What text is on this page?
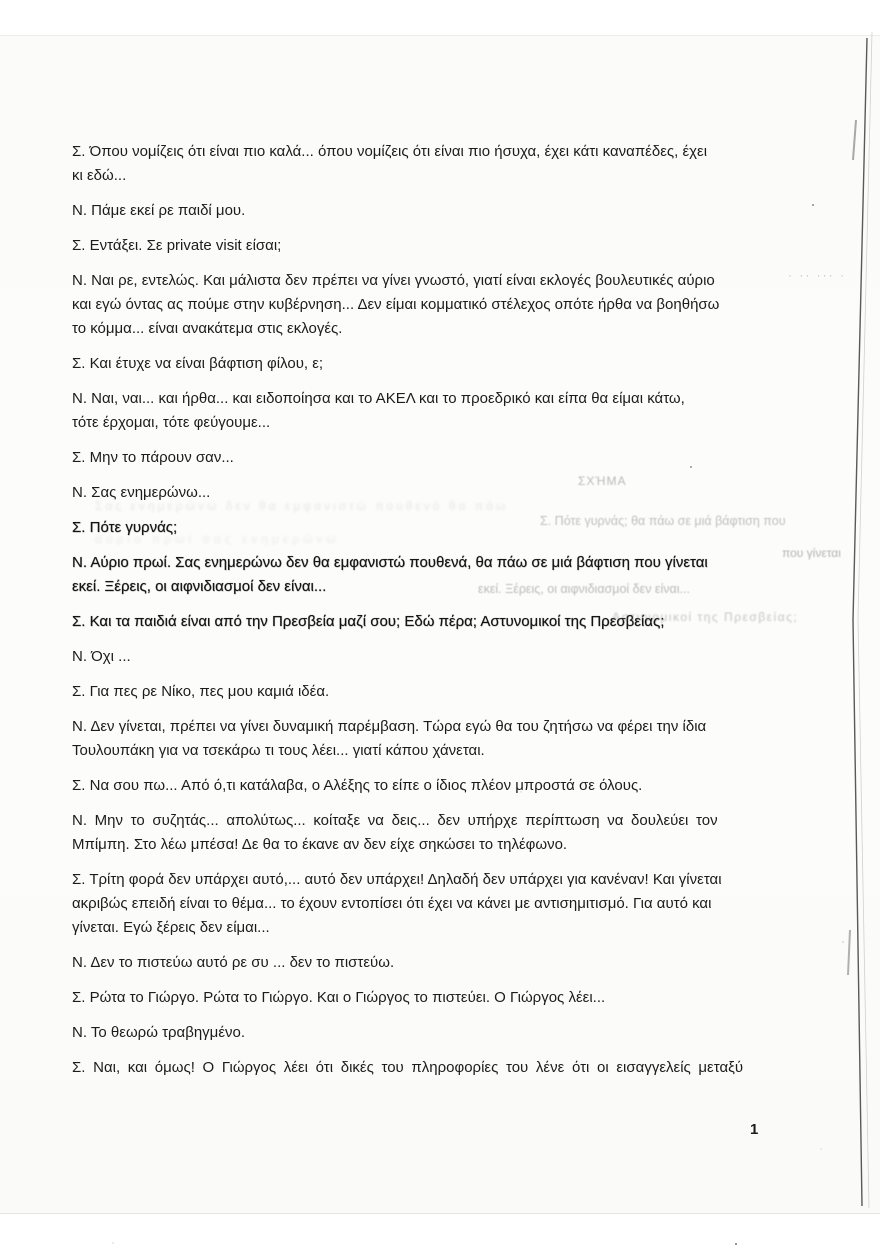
Σ. Όπου νομίζεις ότι είναι πιο καλά... όπου νομίζεις ότι είναι πιο ήσυχα, έχει κάτι καναπέδες, έχει
κι εδώ...
Ν. Πάμε εκεί ρε παιδί μου.
Σ. Εντάξει. Σε private visit είσαι;
Ν. Ναι ρε, εντελώς. Και μάλιστα δεν πρέπει να γίνει γνωστό, γιατί είναι εκλογές βουλευτικές αύριο
και εγώ όντας ας πούμε στην κυβέρνηση... Δεν είμαι κομματικό στέλεχος οπότε ήρθα να βοηθήσω
το κόμμα... είναι ανακάτεμα στις εκλογές.
Σ. Και έτυχε να είναι βάφτιση φίλου, ε;
Ν. Ναι, ναι... και ήρθα... και ειδοποίησα και το ΑΚΕΛ και το προεδρικό και είπα θα είμαι κάτω,
τότε έρχομαι, τότε φεύγουμε...
Σ. Μην το πάρουν σαν...
Ν. Σας ενημερώνω...
Σ. Πότε γυρνάς;
Ν. Αύριο πρωί. Σας ενημερώνω δεν θα εμφανιστώ πουθενά, θα πάω σε μιά βάφτιση που γίνεται
εκεί. Ξέρεις, οι αιφνιδιασμοί δεν είναι...
Σ. Και τα παιδιά είναι από την Πρεσβεία μαζί σου; Εδώ πέρα; Αστυνομικοί της Πρεσβείας;
Ν. Όχι ...
Σ. Για πες ρε Νίκο, πες μου καμιά ιδέα.
Ν. Δεν γίνεται, πρέπει να γίνει δυναμική παρέμβαση. Τώρα εγώ θα του ζητήσω να φέρει την ίδια
Τουλουπάκη για να τσεκάρω τι τους λέει... γιατί κάπου χάνεται.
Σ. Να σου πω... Από ό,τι κατάλαβα, ο Αλέξης το είπε ο ίδιος πλέον μπροστά σε όλους.
Ν. Μην το συζητάς... απολύτως... κοίταξε να δεις... δεν υπήρχε περίπτωση να δουλεύει τον
Μπίμπη. Στο λέω μπέσα! Δε θα το έκανε αν δεν είχε σηκώσει το τηλέφωνο.
Σ. Τρίτη φορά δεν υπάρχει αυτό,... αυτό δεν υπάρχει! Δηλαδή δεν υπάρχει για κανέναν! Και γίνεται
ακριβώς επειδή είναι το θέμα... το έχουν εντοπίσει ότι έχει να κάνει με αντισημιτισμό. Για αυτό και
γίνεται. Εγώ ξέρεις δεν είμαι...
Ν. Δεν το πιστεύω αυτό ρε συ ... δεν το πιστεύω.
Σ. Ρώτα το Γιώργο. Ρώτα το Γιώργο. Και ο Γιώργος το πιστεύει. Ο Γιώργος λέει...
Ν. Το θεωρώ τραβηγμένο.
Σ. Ναι, και όμως! Ο Γιώργος λέει ότι δικές του πληροφορίες του λένε ότι οι εισαγγελείς μεταξύ
ΣΧΉΜΑ
Σας ενημερώνω δεν θα εμφανιστώ πουθενά θα πάω
Σ. Πότε γυρνάς; θα πάω σε μιά βάφτιση που
που γίνεται
εκεί. Ξέρεις, οι αιφνιδιασμοί δεν είναι...
Αστυνομικοί της Πρεσβείας;
αύριο πρωί σας ενημερώνω
· ·· ··· ·
1
